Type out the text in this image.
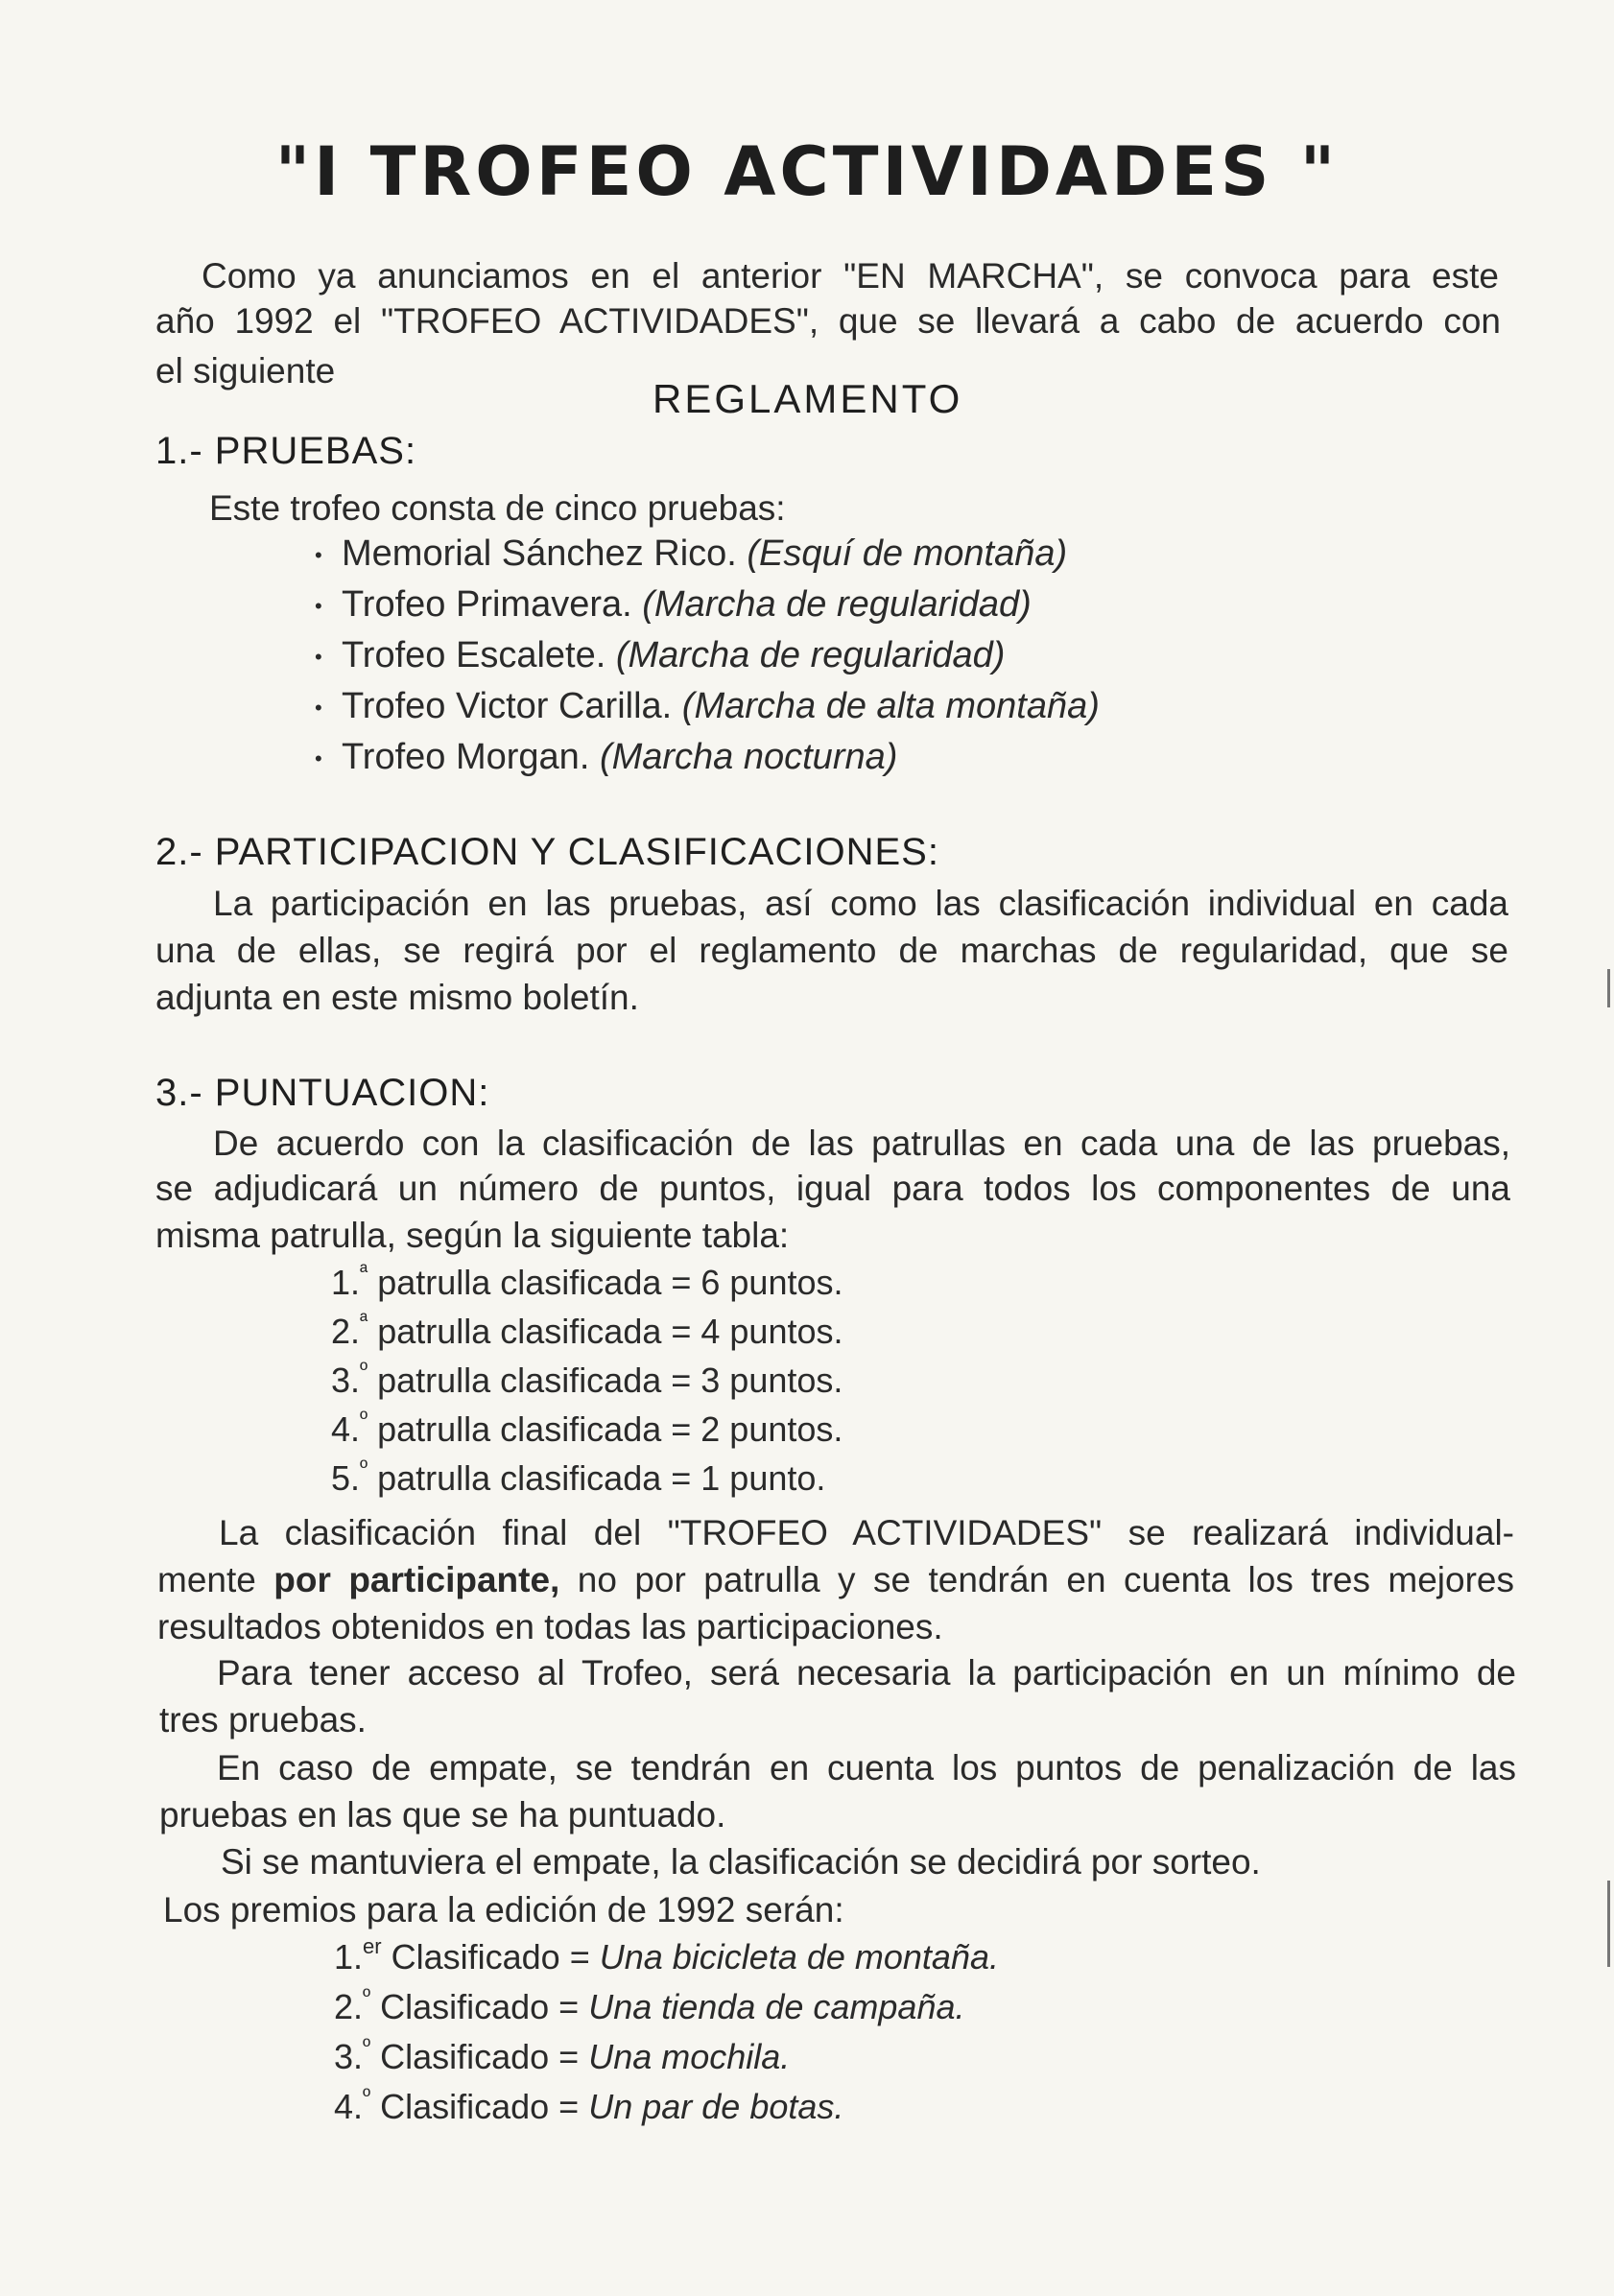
"I TROFEO ACTIVIDADES "
Como ya anunciamos en el anterior "EN MARCHA", se convoca para este
año 1992 el "TROFEO ACTIVIDADES", que se llevará a cabo de acuerdo con
el siguiente
REGLAMENTO
1.- PRUEBAS:
Este trofeo consta de cinco pruebas:
• Memorial Sánchez Rico. (Esquí de montaña)
• Trofeo Primavera. (Marcha de regularidad)
• Trofeo Escalete. (Marcha de regularidad)
• Trofeo Victor Carilla. (Marcha de alta montaña)
• Trofeo Morgan. (Marcha nocturna)
2.- PARTICIPACION Y CLASIFICACIONES:
La participación en las pruebas, así como las clasificación individual en cada
una de ellas, se regirá por el reglamento de marchas de regularidad, que se
adjunta en este mismo boletín.
3.- PUNTUACION:
De acuerdo con la clasificación de las patrullas en cada una de las pruebas,
se adjudicará un número de puntos, igual para todos los componentes de una
misma patrulla, según la siguiente tabla:
1.$^ª$ patrulla clasificada = 6 puntos.
2.$^ª$ patrulla clasificada = 4 puntos.
3.$^º$ patrulla clasificada = 3 puntos.
4.$^º$ patrulla clasificada = 2 puntos.
5.$^º$ patrulla clasificada = 1 punto.
La clasificación final del "TROFEO ACTIVIDADES" se realizará individual-
mente por participante, no por patrulla y se tendrán en cuenta los tres mejores
resultados obtenidos en todas las participaciones.
Para tener acceso al Trofeo, será necesaria la participación en un mínimo de
tres pruebas.
En caso de empate, se tendrán en cuenta los puntos de penalización de las
pruebas en las que se ha puntuado.
Si se mantuviera el empate, la clasificación se decidirá por sorteo.
Los premios para la edición de 1992 serán:
1.$^{er}$ Clasificado = Una bicicleta de montaña.
2.$^º$ Clasificado = Una tienda de campaña.
3.$^º$ Clasificado = Una mochila.
4.$^º$ Clasificado = Un par de botas.
